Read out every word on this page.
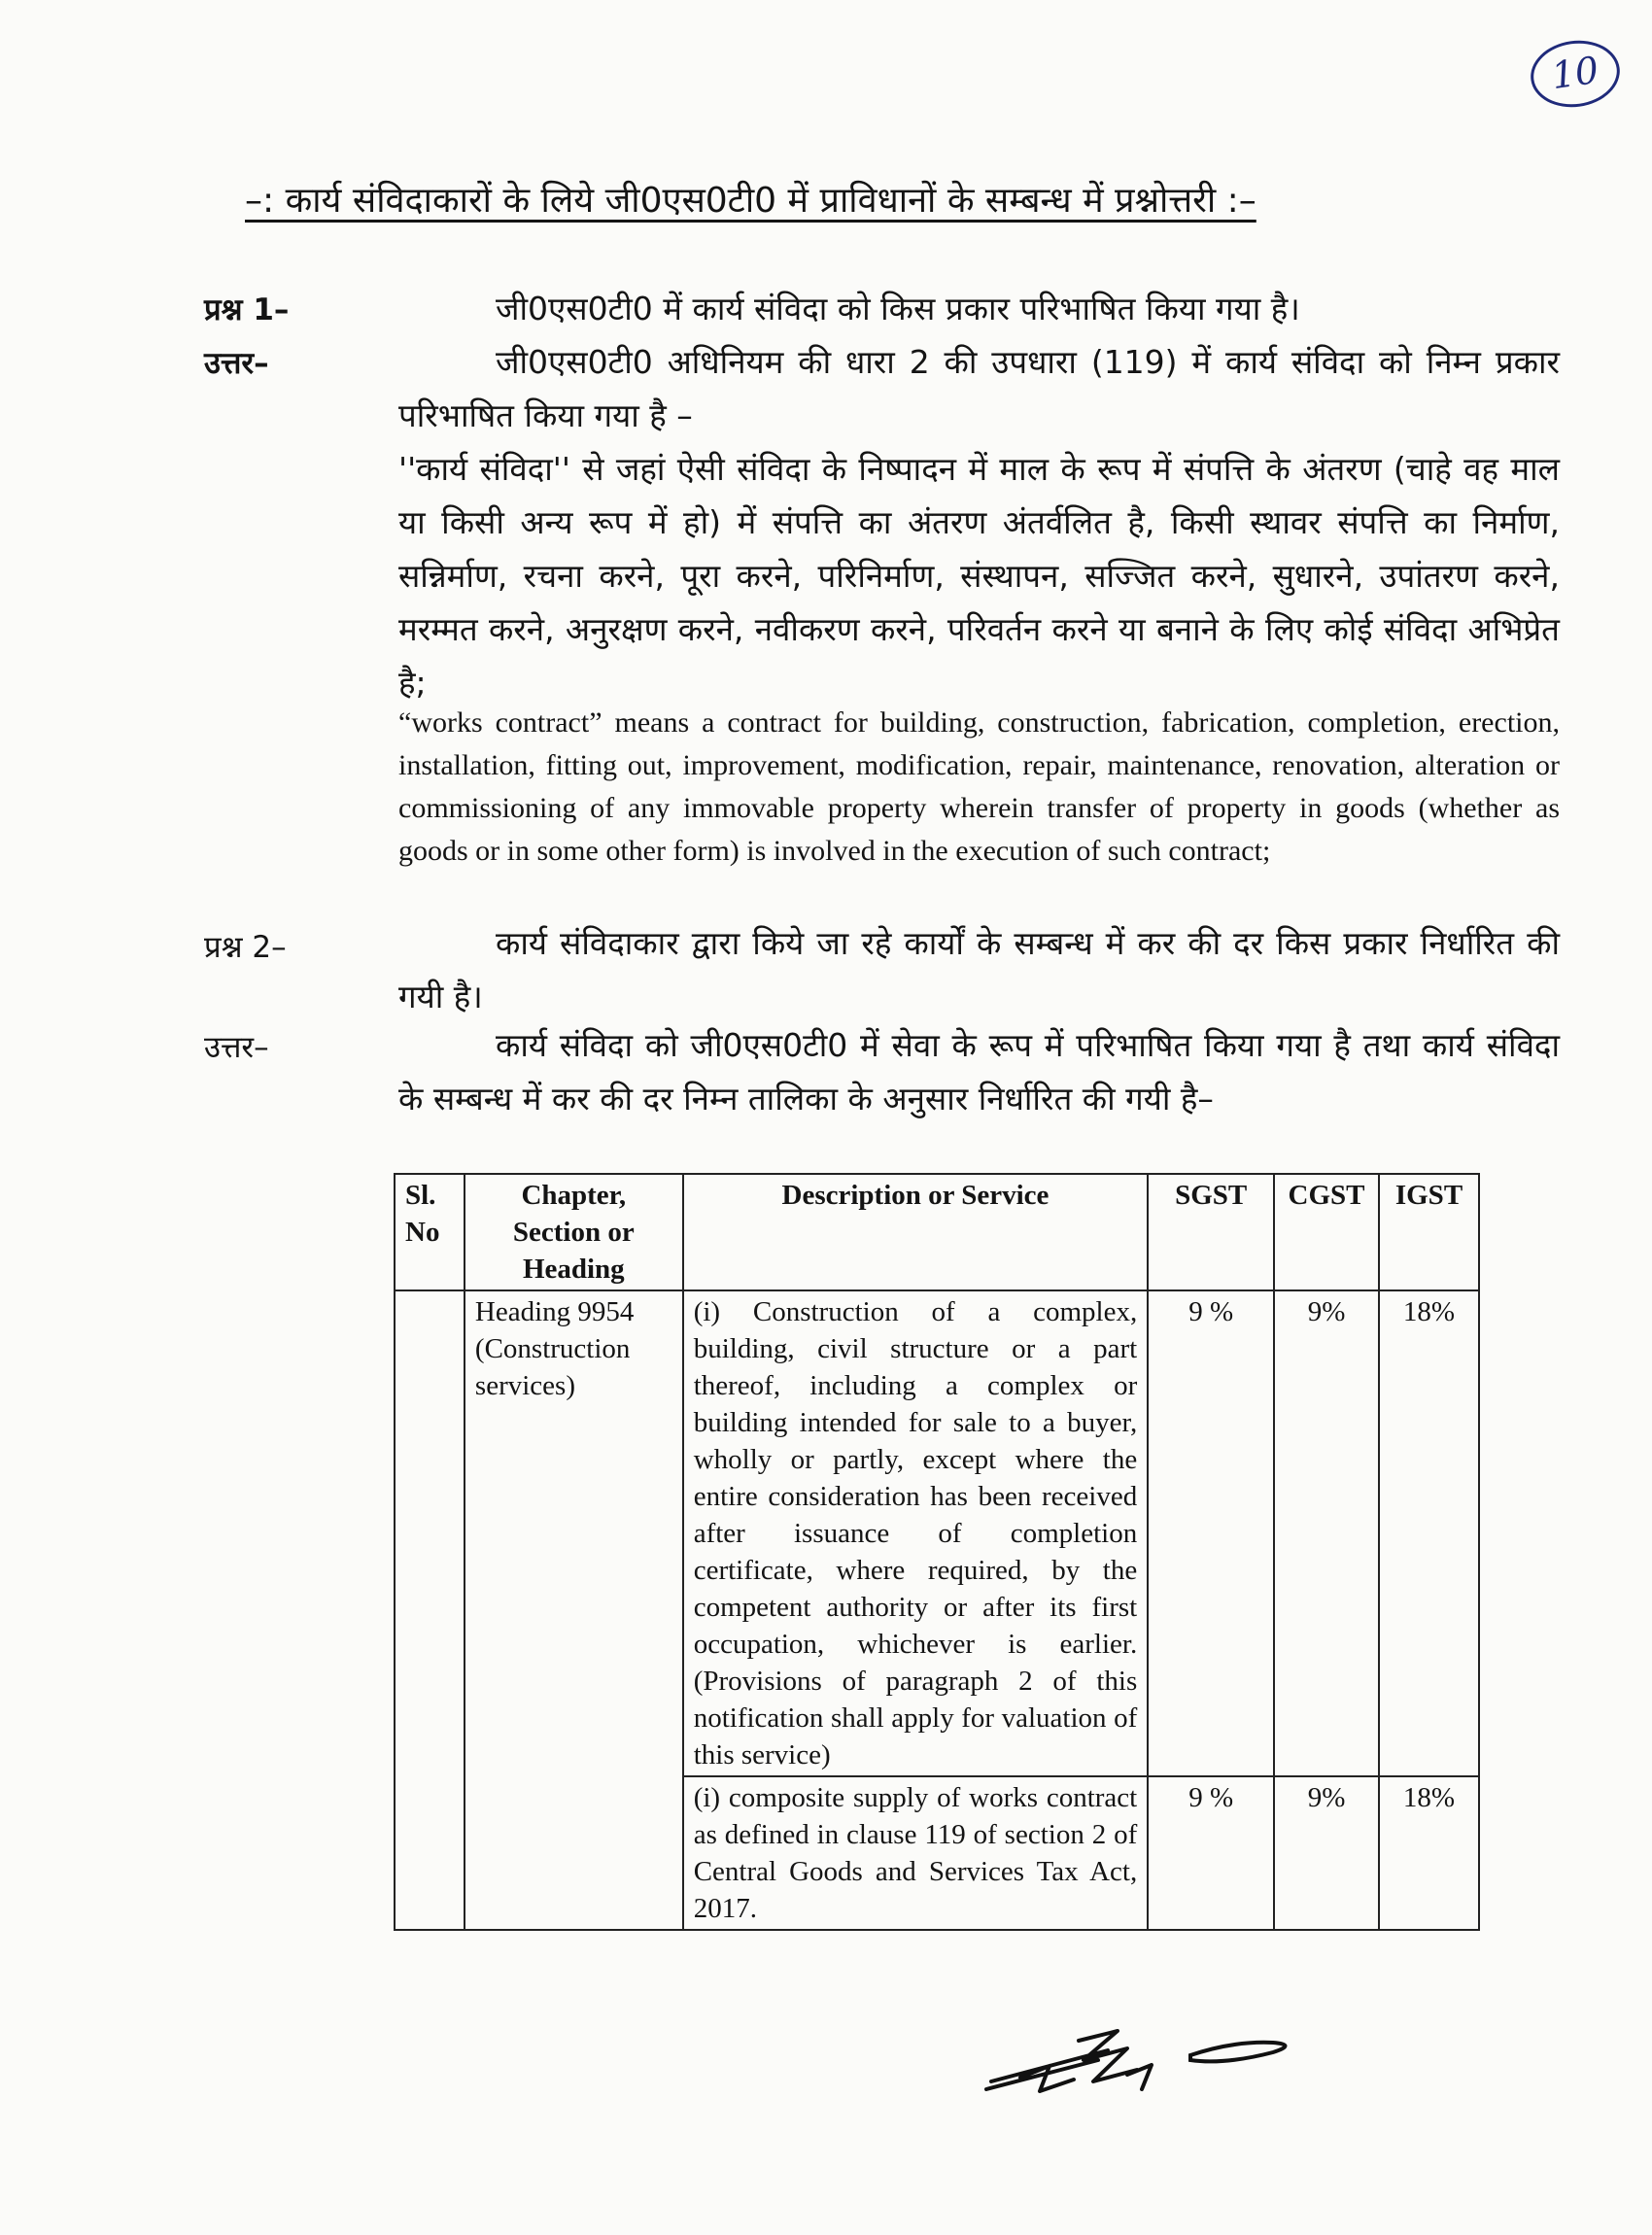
10
–: कार्य संविदाकारों के लिये जी0एस0टी0 में प्राविधानों के सम्बन्ध में प्रश्नोत्तरी :–
प्रश्न 1–	जी0एस0टी0 में कार्य संविदा को किस प्रकार परिभाषित किया गया है।
उत्तर–	जी0एस0टी0 अधिनियम की धारा 2 की उपधारा (119) में कार्य संविदा को निम्न प्रकार परिभाषित किया गया है –
''कार्य संविदा'' से जहां ऐसी संविदा के निष्पादन में माल के रूप में संपत्ति के अंतरण (चाहे वह माल या किसी अन्य रूप में हो) में संपत्ति का अंतरण अंतर्वलित है, किसी स्थावर संपत्ति का निर्माण, सन्निर्माण, रचना करने, पूरा करने, परिनिर्माण, संस्थापन, सज्जित करने, सुधारने, उपांतरण करने, मरम्मत करने, अनुरक्षण करने, नवीकरण करने, परिवर्तन करने या बनाने के लिए कोई संविदा अभिप्रेत है;
“works contract” means a contract for building, construction, fabrication, completion, erection, installation, fitting out, improvement, modification, repair, maintenance, renovation, alteration or commissioning of any immovable property wherein transfer of property in goods (whether as goods or in some other form) is involved in the execution of such contract;
प्रश्न 2–	कार्य संविदाकार द्वारा किये जा रहे कार्यों के सम्बन्ध में कर की दर किस प्रकार निर्धारित की गयी है।
उत्तर–	कार्य संविदा को जी0एस0टी0 में सेवा के रूप में परिभाषित किया गया है तथा कार्य संविदा के सम्बन्ध में कर की दर निम्न तालिका के अनुसार निर्धारित की गयी है–
Sl. No	Chapter, Section or Heading	Description or Service	SGST	CGST	IGST
	Heading 9954 (Construction services)	(i) Construction of a complex, building, civil structure or a part thereof, including a complex or building intended for sale to a buyer, wholly or partly, except where the entire consideration has been received after issuance of completion certificate, where required, by the competent authority or after its first occupation, whichever is earlier. (Provisions of paragraph 2 of this notification shall apply for valuation of this service)	9 %	9%	18%
		(i) composite supply of works contract as defined in clause 119 of section 2 of Central Goods and Services Tax Act, 2017.	9 %	9%	18%
